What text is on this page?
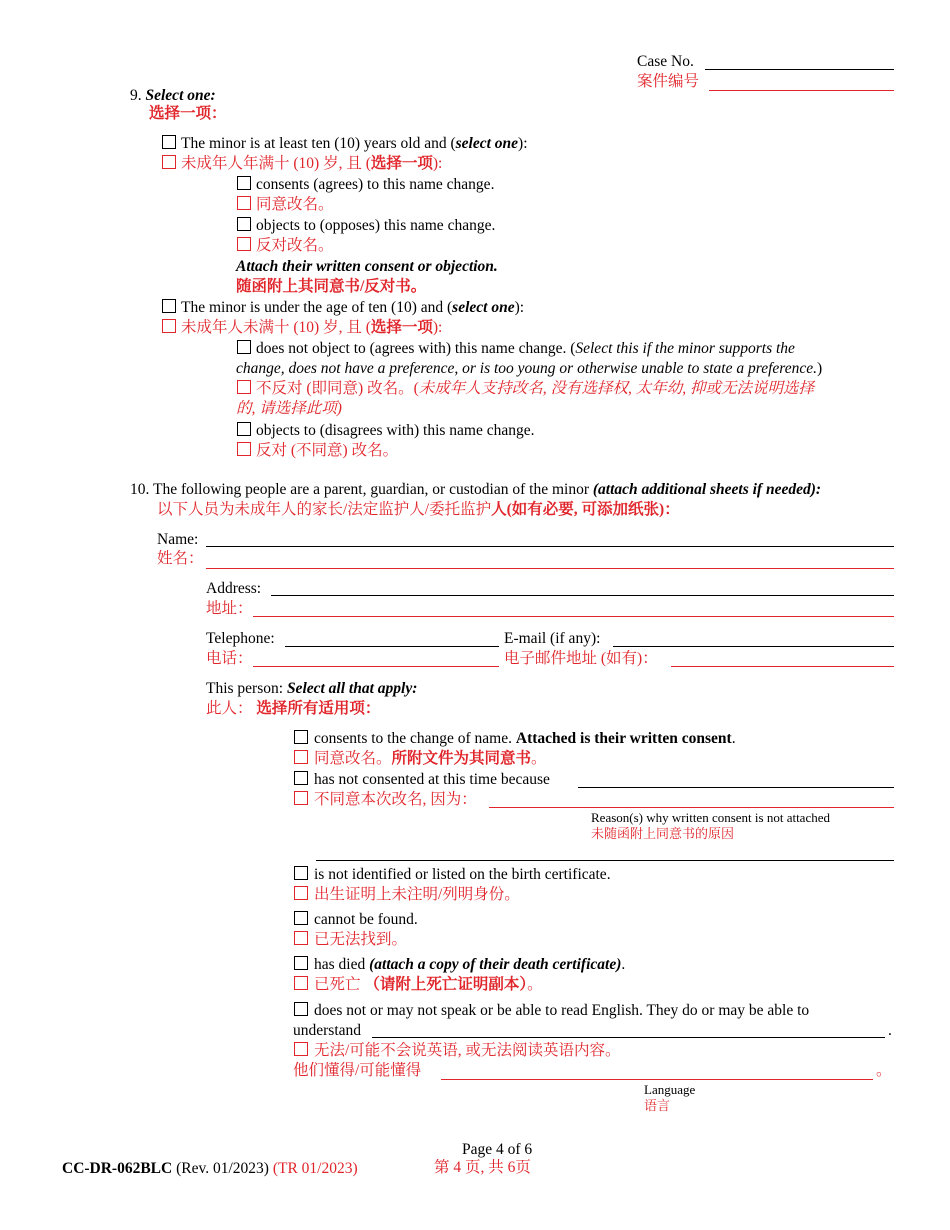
Case No.
案件编号
9. Select one:
选择一项：
The minor is at least ten (10) years old and (select one):
未成年人年满十 (10) 岁, 且 (选择一项):
consents (agrees) to this name change.
同意改名。
objects to (opposes) this name change.
反对改名。
Attach their written consent or objection.
随函附上其同意书/反对书。
The minor is under the age of ten (10) and (select one):
未成年人未满十 (10) 岁, 且 (选择一项):
does not object to (agrees with) this name change. (Select this if the minor supports the
change, does not have a preference, or is too young or otherwise unable to state a preference.)
不反对 (即同意) 改名。(未成年人支持改名, 没有选择权, 太年幼, 抑或无法说明选择
的, 请选择此项)
objects to (disagrees with) this name change.
反对 (不同意) 改名。
10. The following people are a parent, guardian, or custodian of the minor (attach additional sheets if needed):
以下人员为未成年人的家长/法定监护人/委托监护人(如有必要, 可添加纸张)：
Name:
姓名：
Address:
地址：
Telephone:
电话：
E-mail (if any):
电子邮件地址 (如有)：
This person: Select all that apply:
此人： 选择所有适用项：
consents to the change of name. Attached is their written consent.
同意改名。所附文件为其同意书。
has not consented at this time because
不同意本次改名, 因为：
Reason(s) why written consent is not attached
未随函附上同意书的原因
is not identified or listed on the birth certificate.
出生证明上未注明/列明身份。
cannot be found.
已无法找到。
has died (attach a copy of their death certificate).
已死亡 （请附上死亡证明副本）。
does not or may not speak or be able to read English. They do or may be able to
understand	.
无法/可能不会说英语, 或无法阅读英语内容。
他们懂得/可能懂得	。
Language
语言
Page 4 of 6
第 4 页, 共 6页
CC-DR-062BLC (Rev. 01/2023) (TR 01/2023)
